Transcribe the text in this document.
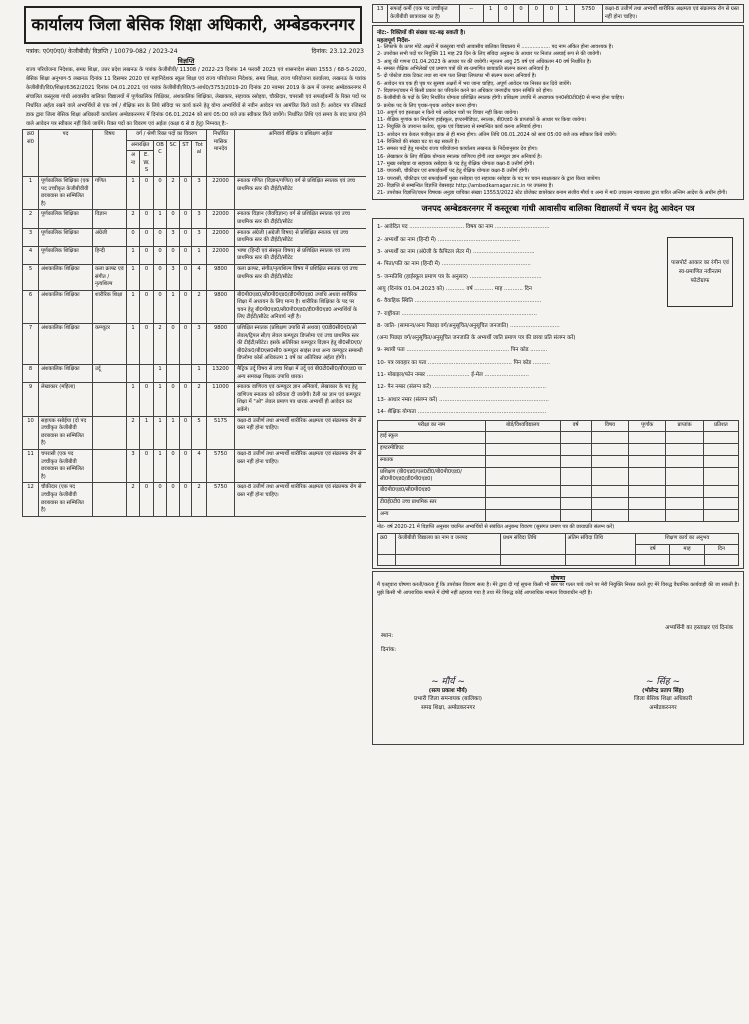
कार्यालय जिला बेसिक शिक्षा अधिकारी, अम्बेडकरनगर
पत्रांक: ए0ए0ए0/ केजीबीवी/ विज्ञप्ति / 10079-082 / 2023-24	दिनांक: 23.12.2023
विज्ञप्ति
राज्य परियोजना निदेशक, समग्र शिक्षा, उत्तर प्रदेश लखनऊ के पत्रांक केजीबीवी/ 11308 / 2022-23 दिनांक 14 फरवरी 2023 एवं शासनादेश संख्या 1553 / 68-5-2020, बेसिक शिक्षा अनुभाग-5 लखनऊ दिनांक 11 दिसम्बर 2020 एवं महानिदेशक स्कूल शिक्षा एवं राज्य परियोजना निदेशक, समग्र शिक्षा, राज्य परियोजना कार्यालय, लखनऊ के पत्रांक केजीबीवी/वि0/शिक्षा/6362/2021 दिनांक 04.01.2021 एवं पत्रांक केजीबीवी/वि0/3-आर्थ0/3753/2019-20 दिनांक 20 नवम्बर 2019 के क्रम में जनपद अम्बेडकरनगर में संचालित कस्तूरबा गांधी आवासीय बालिका विद्यालयों में पूर्णकालिक शिक्षिका, अंशकालिक शिक्षिका, लेखाकार, सहायक रसोइया, चौकीदार, चपरासी एवं सफाईकर्मी के रिक्त पदों पर निर्धारित अर्हता रखने वाले अभ्यर्थियों से एक वर्ष / शैक्षिक सत्र के लिये संविदा पर कार्य करने हेतु योग्य अभ्यर्थियों से नवीन आवेदन पत्र आमंत्रित किये जाते हैं। आवेदन पत्र रजिस्टर्ड डाक द्वारा जिला बेसिक शिक्षा अधिकारी कार्यालय अम्बेडकरनगर में दिनांक 06.01.2024 को सायं 05:00 बजे तक स्वीकार किये जायेंगे। निर्धारित तिथि एवं समय के बाद प्राप्त होने वाले आवेदन पत्र स्वीकार नहीं किये जायेंगे। रिक्त पदों का विवरण एवं अर्हता (कक्षा 6 से 8 हेतु) निम्नवत् है:-
क्र0 सं0	पद	विषय	वर्ग / श्रेणी रिक्त पदों का विवरण						निर्धारित मासिक मानदेय	अनिवार्य शैक्षिक व प्रशिक्षण अर्हता
			अनारक्षित		OBC	SC	ST	Total		
			अना	E.W.S						
1	पूर्णकालिक शिक्षिका (एक पद उच्चीकृत केजीबीवीवी छात्रावास का सम्मिलित है)	गणित	1	0	0	2	0	3	22000	स्नातक गणित (विज्ञान/गणित) वर्ग से प्रशिक्षित स्नातक एवं उच्च प्राथमिक स्तर की टीईटी/सीटेट
2	पूर्णकालिक शिक्षिका	विज्ञान	2	0	1	0	0	3	22000	स्नातक विज्ञान (जैवविज्ञान) वर्ग से प्रशिक्षित स्नातक एवं उच्च प्राथमिक स्तर की टीईटी/सीटेट
3	पूर्णकालिक शिक्षिका	अंग्रेजी	0	0	0	3	0	3	22000	स्नातक अंग्रेजी (अंग्रेजी विषय) से प्रशिक्षित स्नातक एवं उच्च प्राथमिक स्तर की टीईटी/सीटेट
4	पूर्णकालिक शिक्षिका	हिन्दी	1	0	0	0	0	1	22000	भाषा (हिन्दी एवं संस्कृत विषय) से प्रशिक्षित स्नातक एवं उच्च प्राथमिक स्तर की टीईटी/सीटेट
5	अंशकालिक शिक्षिका	कला क्राफ्ट एवं संगीत / नृत्यशिल्प	1	0	0	3	0	4	9800	कला क्राफ्ट, संगीत/नृत्यशिल्प विषय में प्रशिक्षित स्नातक एवं उच्च प्राथमिक स्तर की टीईटी/सीटेट
6	अंशकालिक शिक्षिका	शारीरिक शिक्षा	1	0	0	1	0	2	9800	बी0पी0एड0/सी0पी0एड0/डी0पी0एड0 उपाधि अथवा शारीरिक शिक्षा में अध्ययन के लिए मान्य है। शारीरिक शिक्षिका के पद पर चयन हेतु बी0पी0एड0/सी0पी0एड0/डी0पी0एड0 अभ्यर्थियों के लिए टीईटी/सीटेट अनिवार्य नहीं है।
7	अंशकालिक शिक्षिका	कम्प्यूटर	1	0	2	0	0	3	9800	प्रशिक्षित स्नातक (प्रशिक्षण उपाधि से अथवा) ए0डी0सी0ए0/ओ लेवल/ट्रिपल सी/ए लेवल कम्प्यूटर डिप्लोमा एवं उच्च प्राथमिक स्तर की टीईटी/सीटेट। इसके अतिरिक्त कम्प्यूटर विज्ञान हेतु बी0सी0ए0/बी0टेक0/बी0एस0सी0 कम्प्यूटर साइंस तथा अन्य कम्प्यूटर सम्बन्धी डिप्लोमा कोर्स अधिकतम 1 वर्ष का अतिरिक्त अर्हता होगी।
8	अंशकालिक शिक्षिका	उर्दू			1			1	13200	मैट्रिक उर्दू विषय से उच्च शिक्षा में उर्दू एवं बी0टी0सी0/बी0एड0 या अन्य समकक्ष शिक्षक उपाधि धारक।
9	लेखाकार (महिला)		1	0	1	0	0	2	11000	स्नातक वाणिज्य एवं कम्प्यूटर ज्ञान अनिवार्य, लेखाकार के पद हेतु वाणिज्य स्नातक को वरीयता दी जायेगी। टैली का ज्ञान एवं कम्प्यूटर शिक्षा में "ओ" लेवल प्रमाण पत्र धारक अभ्यर्थी ही आवेदन कर सकेंगे।
10	सहायक रसोईया (दो पद उच्चीकृत केजीबीवी छात्रावास का सम्मिलित है)		2	1	1	1	0	5	5175	कक्षा-8 उत्तीर्ण तथा अभ्यर्थी शारीरिक अक्षमता एवं संक्रामक रोग से ग्रस्त नहीं होना चाहिए।
11	चपरासी (एक पद उच्चीकृत केजीबीवी छात्रावास का सम्मिलित है)		3	0	1	0	0	4	5750	कक्षा-8 उत्तीर्ण तथा अभ्यर्थी शारीरिक अक्षमता एवं संक्रामक रोग से ग्रस्त नहीं होना चाहिए।
12	चौकीदार (एक पद उच्चीकृत केजीबीवी छात्रावास का सम्मिलित है)		2	0	0	0	0	2	5750	कक्षा-8 उत्तीर्ण तथा अभ्यर्थी शारीरिक अक्षमता एवं संक्रामक रोग से ग्रस्त नहीं होना चाहिए।
13	सफाई कर्मी (एक पद उच्चीकृत केजीबीवी छात्रावास का है)	--	1	0	0	0	0	1	5750	कक्षा-8 उत्तीर्ण तथा अभ्यर्थी शारीरिक अक्षमता एवं संक्रामक रोग से ग्रस्त नहीं होना चाहिए।
नोट:- रिक्तियों की संख्या घट-बढ़ सकती है।
महत्वपूर्ण निर्देश-

1- लिफाफे के ऊपर मोटे अक्षरों में कस्तूरबा गांधी आवासीय बालिका विद्यालय में .................. पद नाम अंकित होना आवश्यक है।

2- उपरोक्त सभी पदों पर नियुक्ति 11 माह 29 दिन के लिए संविदा अनुबन्ध के आधार पर नितांत अस्थाई रूप से की जायेगी।

3- आयु की गणना 01.04.2023 के आधार पर की जायेगी। न्यूनतम आयु 25 वर्ष एवं अधिकतम 40 वर्ष निर्धारित है।

4- समस्त शैक्षिक अभिलेखों एवं प्रमाण पत्रों की स्व-प्रमाणित छायाप्रति संलग्न करना अनिवार्य है।

5- दो पोस्टेज डाक टिकट तथा स्व नाम पता लिखा लिफाफा भी संलग्न करना अनिवार्य है।

6- आवेदन पत्र एक ही पृष्ठ पर सुस्पष्ट अक्षरों में भरा जाना चाहिए, अपूर्ण आवेदन पत्र निरस्त कर दिये जायेंगे।

7- विज्ञापन/चयन में किसी प्रकार का परिवर्तन करने का अधिकार जनपदीय चयन समिति को होगा।

8- केजीबीवी के पदों के लिए निर्धारित योग्यता प्रशिक्षित स्नातक होगी। प्रशिक्षण उपाधि में अध्यापक एन0सी0टी0ई0 से मान्य होना चाहिए।

9- प्रत्येक पद के लिए पृथक-पृथक आवेदन करना होगा।

10- अपूर्ण एवं हस्ताक्षर न किये गये आवेदन पत्रों पर विचार नहीं किया जायेगा।

11- शैक्षिक गुणांक का निर्धारण हाईस्कूल, इण्टरमीडिएट, स्नातक, बी0एड0 के प्राप्तांकों के आधार पर किया जायेगा।

12- नियुक्ति के उपरान्त कर्तव्य, शुल्क एवं विद्यालय से सम्बन्धित कार्य करना अनिवार्य होगा।

13- आवेदन पत्र केवल पंजीकृत डाक से ही मान्य होगा। अंतिम तिथि 06.01.2024 को सायं 05:00 बजे तक स्वीकार किये जायेंगे।

14- रिक्तियों की संख्या घट या बढ़ सकती है।

15- समस्त पदों हेतु मानदेय राज्य परियोजना कार्यालय लखनऊ के निर्देशानुसार देय होगा।

16- लेखाकार के लिए शैक्षिक योग्यता स्नातक वाणिज्य होगी तथा कम्प्यूटर ज्ञान अनिवार्य है।

17- मुख्य रसोइया या सहायक रसोइया के पद हेतु शैक्षिक योग्यता कक्षा-8 उत्तीर्ण होगी।

18- चपरासी, चौकीदार एवं सफाईकर्मी पद हेतु शैक्षिक योग्यता कक्षा-8 उत्तीर्ण होगी।

19- चपरासी, चौकीदार एवं सफाईकर्मी मुख्य रसोइया एवं सहायक रसोइया के पद पर चयन साक्षात्कार के द्वारा किया जायेगा।

20- विज्ञप्ति से सम्बन्धित विज्ञप्ति वेबसाइट http://ambedkarnagar.nic.in पर उपलब्ध है।

21- उपरोक्त विज्ञप्ति/चयन विषयक अनुज्ञा याचिका संख्या 13553/2022 स्टेट प्रोजेक्ट डायरेक्टर बनाम संजीव मौर्या व अन्य में मा0 उच्चतम न्यायालय द्वारा पारित अन्तिम आदेश के अधीन होगी।

जनपद अम्बेडकरनगर में कस्तूरबा गांधी आवासीय बालिका विद्यालयों में चयन हेतु आवेदन पत्र
पासपोर्ट आकार का रंगीन एवं स्व-प्रमाणित नवीनतम फोटोग्राफ
1- आवेदित पद ................................ विषय का नाम ................................
2- अभ्यर्थी का नाम (हिन्दी में) ................................................
3- अभ्यर्थी का नाम (अंग्रेजी के कैपिटल लेटर में) ....................................
4- पिता/पति का नाम (हिन्दी में) ....................................................
5- जन्मतिथि (हाईस्कूल प्रमाण पत्र के अनुसार) ..........................................
आयु (दिनांक 01.04.2023 को) ........... वर्ष ........... माह ........... दिन
6- वैवाहिक स्थिति ..........................................................................
7- राष्ट्रीयता ...............................................................................
8- जाति- (सामान्य/अन्य पिछड़ा वर्ग/अनुसूचित/अनुसूचित जनजाति) .............................
(अन्य पिछड़ा वर्ग/अनुसूचित/अनुसूचित जनजाति के अभ्यर्थी जाति प्रमाण पत्र की छाया प्रति संलग्न करें)
9- स्थायी पता ............................................................ पिन कोड ..........
10- पत्र व्यवहार का पता ................................................. पिन कोड ..........
11- मोबाइल/फोन नम्बर ......................... ई-मेल ..........................
12- पैन नम्बर (संलग्न करें) ..................................................................
13- आधार नम्बर (संलग्न करें) ................................................................
14- शैक्षिक योग्यता ...........................................................................
परीक्षा का नाम	बोर्ड/विश्वविद्यालय	वर्ष	विषय	पूर्णांक	प्राप्तांक	प्रतिशत
हाई स्कूल						
इण्टरमीडिएट						
स्नातक						
प्रशिक्षण (बी0एड0/एल0टी0/बी0पी0एड0/सी0पी0एड0/डी0पी0एड0)						
बी0पी0एड0/सी0पी0एड0						
टी0ई0टी0 उच्च प्राथमिक स्तर						
अन्य						
नोट- वर्ष 2020-21 में विज्ञप्ति अनुसार चयनित अभ्यर्थियों से संबंधित अनुबन्ध विवरण (सुसंगत प्रमाण पत्र की छायाप्रति संलग्न करें)
क्र0	केजीबीवी विद्यालय का नाम व जनपद	प्रथम संविदा तिथि	अंतिम संविदा तिथि	शिक्षण कार्य का अनुभव		
				वर्ष	माह	दिन

घोषणा

मैं एतद्द्वारा घोषणा करती/करता हूँ कि उपरोक्त विवरण सत्य है। मेरे द्वारा दी गई सूचना किसी भी स्तर पर गलत पाये जाने पर मेरी नियुक्ति निरस्त करते हुए मेरे विरुद्ध वैधानिक कार्यवाही की जा सकती है। मुझे किसी भी आपराधिक मामले में दोषी नहीं ठहराया गया है तथा मेरे विरुद्ध कोई आपराधिक मामला विचाराधीन नहीं है।

स्थान:
दिनांक:
अभ्यर्थिनी का हस्ताक्षर एवं दिनांक
~ मौर्य ~
(सत्य प्रकाश मौर्य)
प्रभारी जिला समन्वयक (बालिका)
समग्र शिक्षा, अम्बेडकरनगर
~ सिंह ~
(भोलेन्द्र प्रताप सिंह)
जिला बेसिक शिक्षा अधिकारी
अम्बेडकरनगर
